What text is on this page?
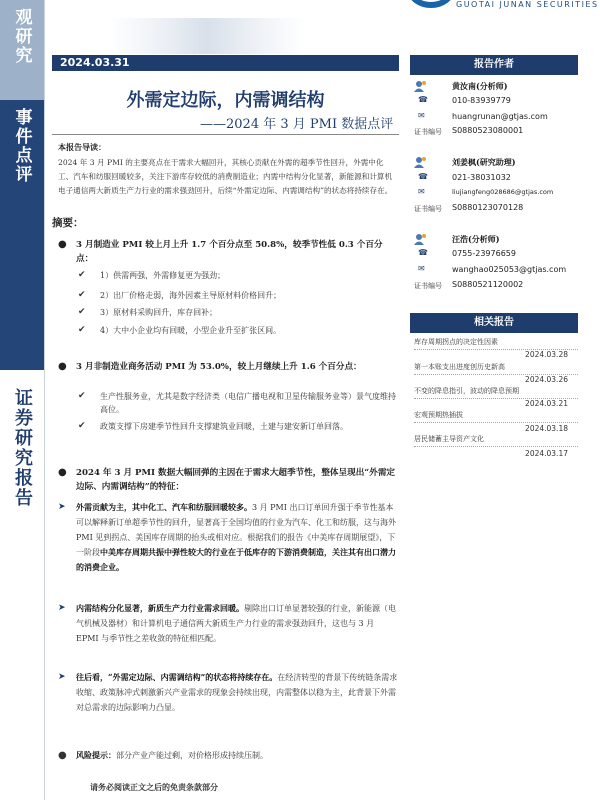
观研究
事件点评
证券研究报告
GUOTAI JUNAN SECURITIES
2024.03.31
外需定边际，内需调结构
——2024 年 3 月 PMI 数据点评
本报告导读：
2024 年 3 月 PMI 的主要亮点在于需求大幅回升，其核心贡献在外需的超季节性回升，外需中化工、汽车和纺服回暖较多，关注下游库存较低的消费制造业；内需中结构分化显著，新能源和计算机电子通信两大新质生产力行业的需求强劲回升，后续“外需定边际、内需调结构”的状态将持续存在。
摘要：
● 3 月制造业 PMI 较上月上升 1.7 个百分点至 50.8%，较季节性低 0.3 个百分点：
✔ 1）供需两强，外需修复更为强劲；
✔ 2）出厂价格走弱，海外因素主导原材料价格回升；
✔ 3）原材料采购回升，库存回补；
✔ 4）大中小企业均有回暖，小型企业升至扩张区间。
● 3 月非制造业商务活动 PMI 为 53.0%，较上月继续上升 1.6 个百分点：
✔ 生产性服务业，尤其是数字经济类（电信广播电视和卫星传输服务业等）景气度维持高位。
✔ 政策支撑下房建季节性回升支撑建筑业回暖，土建与建安新订单回落。
● 2024 年 3 月 PMI 数据大幅回弹的主因在于需求大超季节性，整体呈现出“外需定边际、内需调结构”的特征：
➤ 外需贡献为主，其中化工、汽车和纺服回暖较多。3 月 PMI 出口订单回升强于季节性基本可以解释新订单超季节性的回升，显著高于全国均值的行业为汽车、化工和纺服，这与海外 PMI 见到拐点、美国库存周期的抬头或相对应。根据我们的报告《中美库存周期展望》，下一阶段中美库存周期共振中弹性较大的行业在于低库存的下游消费制造，关注其有出口潜力的消费企业。
➤ 内需结构分化显著，新质生产力行业需求回暖。剔除出口订单显著较强的行业，新能源（电气机械及器材）和计算机电子通信两大新质生产力行业的需求强劲回升，这也与 3 月 EPMI 与季节性之差收敛的特征相匹配。
➤ 往后看，“外需定边际、内需调结构”的状态将持续存在。在经济转型的背景下传统链条需求收缩、政策脉冲式刺激新兴产业需求的现象会持续出现，内需整体以稳为主，此背景下外需对总需求的边际影响力凸显。
● 风险提示：部分产业产能过剩，对价格形成持续压制。
请务必阅读正文之后的免责条款部分
报告作者
黄汝南(分析师)
☎	010-83939779
✉	huangrunan@gtjas.com
证书编号 S0880523080001
刘姜枫(研究助理)
☎	021-38031032
✉	liujiangfeng028686@gtjas.com
证书编号 S0880123070128
汪浩(分析师)
☎	0755-23976659
✉	wanghao025053@gtjas.com
证书编号 S0880521120002
相关报告
库存周期拐点的决定性因素
2024.03.28
第一本账支出进度创历史新高
2024.03.26
不变的降息指引，波动的降息预期
2024.03.21
宏观预期热插拔
2024.03.18
居民储蓄主导资产文化
2024.03.17
